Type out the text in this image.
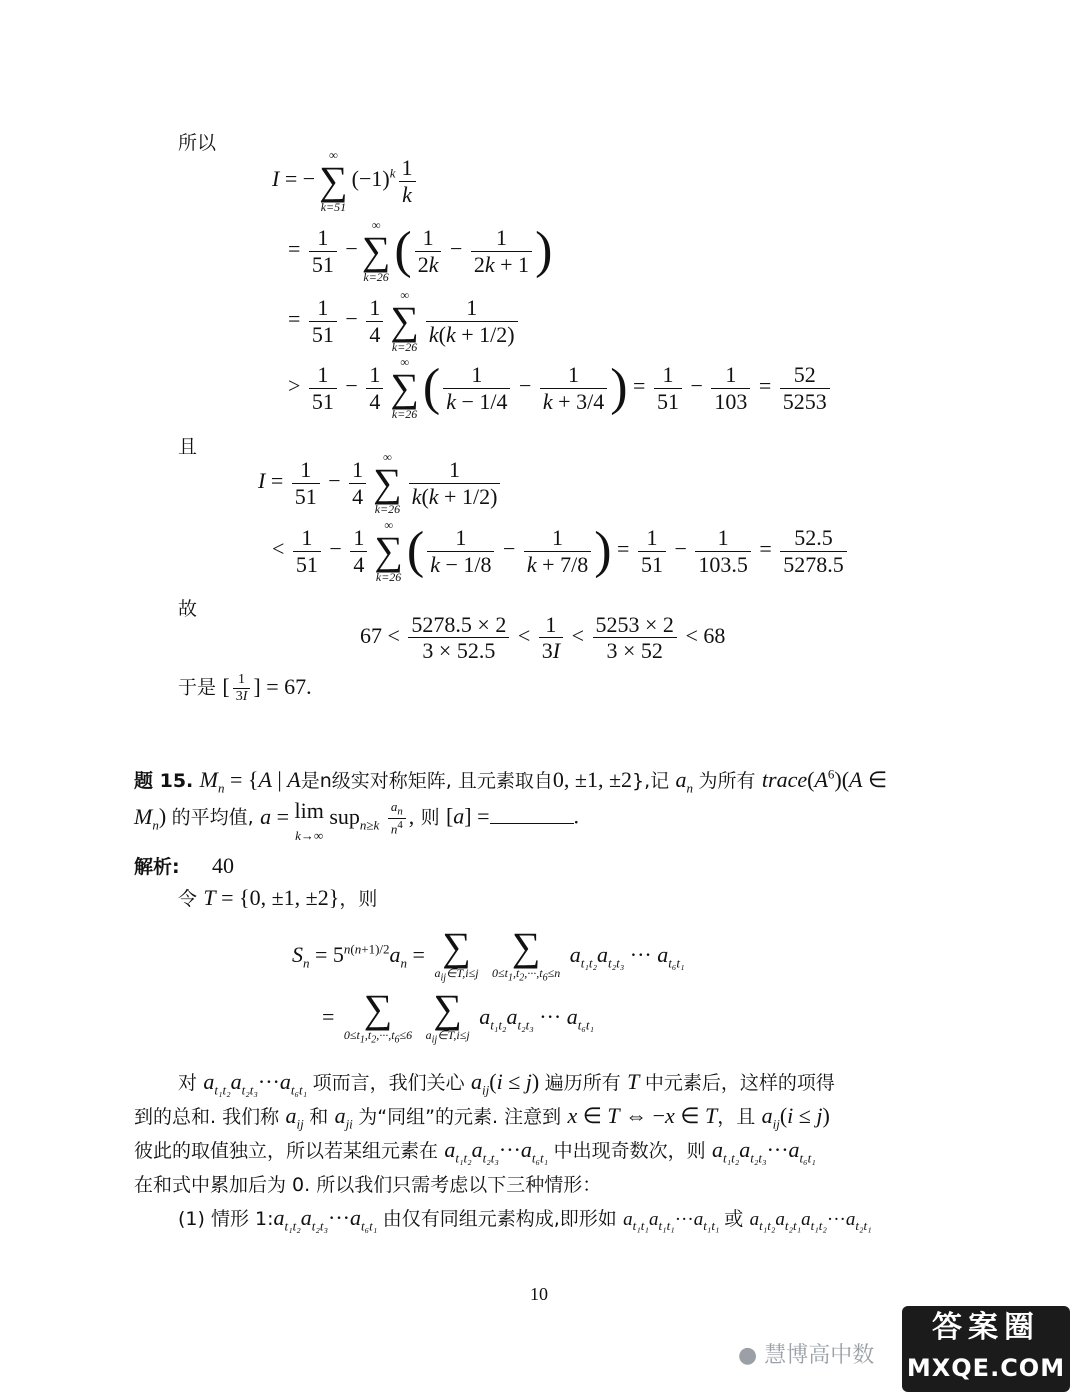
所以
I = −
∞
∑
k=51
$(-1)^k \frac{1}{k}$
= $\frac{1}{51}$ −
∞
∑
k=26 ( $\frac{1}{2k} - \frac{1}{2k + 1}$ )
= $\frac{1}{51} - \frac{1}{4}$
∞
∑
k=26
$\frac{1}{k(k + 1/2)}$
> $\frac{1}{51} - \frac{1}{4}$
∞
∑
k=26 ( $\frac{1}{k - 1/4} - \frac{1}{k + 3/4}$ ) = $\frac{1}{51} - \frac{1}{103} = \frac{52}{5253}$
且
$I = \frac{1}{51} - \frac{1}{4}$
∞
∑
k=26
$\frac{1}{k(k + 1/2)}$
< $\frac{1}{51} - \frac{1}{4}$
∞
∑
k=26 ( $\frac{1}{k - 1/8} - \frac{1}{k + 7/8}$ ) = $\frac{1}{51} - \frac{1}{103.5} = \frac{52.5}{5278.5}$
故
$67 < \frac{5278.5 \times 2}{3 \times 52.5} < \frac{1}{3I} < \frac{5253 \times 2}{3 \times 52} < 68$
于是 [ $\frac{1}{3I}$ ] = 67.
题 15. $M_n = \{A$ | A是n级实对称矩阵, 且元素取自0, ±1, ±2},记 $a_n$ 为所有 $trace(A^6)(A$ ∈
$M_n$) 的平均值, a = lim
k→∞ $sup_{n\ge k} \frac{a_n}{n^4}$ , 则 [a] =	.
解析: 40
令 T = {0, ±1, ±2}，则
$S_n = 5^{n(n+1)/2}a_n$ = ∑
$a_{ij}\in T,i\le j$

∑
$0\le t_1,t_2,\cdot\cdot\cdot,t_6\le n$
$a_{t_1t_2}a_{t_2t_3}$ ··· $a_{t_6t_1}$
= ∑
$0\le t_1,t_2,\cdot\cdot\cdot,t_6\le 6$

∑
$a_{ij}\in T,i\le j$
$a_{t_1t_2}a_{t_2t_3}$ ··· $a_{t_6t_1}$
对 $a_{t_1t_2}a_{t_2t_3}\cdot\cdot\cdot a_{t_6t_1}$ 项而言，我们关心 $a_{ij}(i \le j)$ 遍历所有 T 中元素后，这样的项得
到的总和. 我们称 $a_{ij}$ 和 $a_{ji}$ 为“同组”的元素. 注意到 x ∈ T ⇔ −x ∈ T，且 $a_{ij}(i \le j)$
彼此的取值独立，所以若某组元素在 $a_{t_1t_2}a_{t_2t_3}\cdot\cdot\cdot a_{t_6t_1}$ 中出现奇数次，则 $a_{t_1t_2}a_{t_2t_3}\cdot\cdot\cdot a_{t_6t_1}$
在和式中累加后为 0. 所以我们只需考虑以下三种情形：
(1) 情形 $1:a_{t_1t_2}a_{t_2t_3}\cdot\cdot\cdot a_{t_6t_1}$ 由仅有同组元素构成,即形如 $a_{t_1t_1}a_{t_1t_1}\cdot\cdot\cdot a_{t_1t_1}$ 或 $a_{t_1t_2}a_{t_2t_1}a_{t_1t_2}\cdot\cdot\cdot a_{t_2t_1}$
10
● 慧博高中数
答案圈
MXQE.COM
